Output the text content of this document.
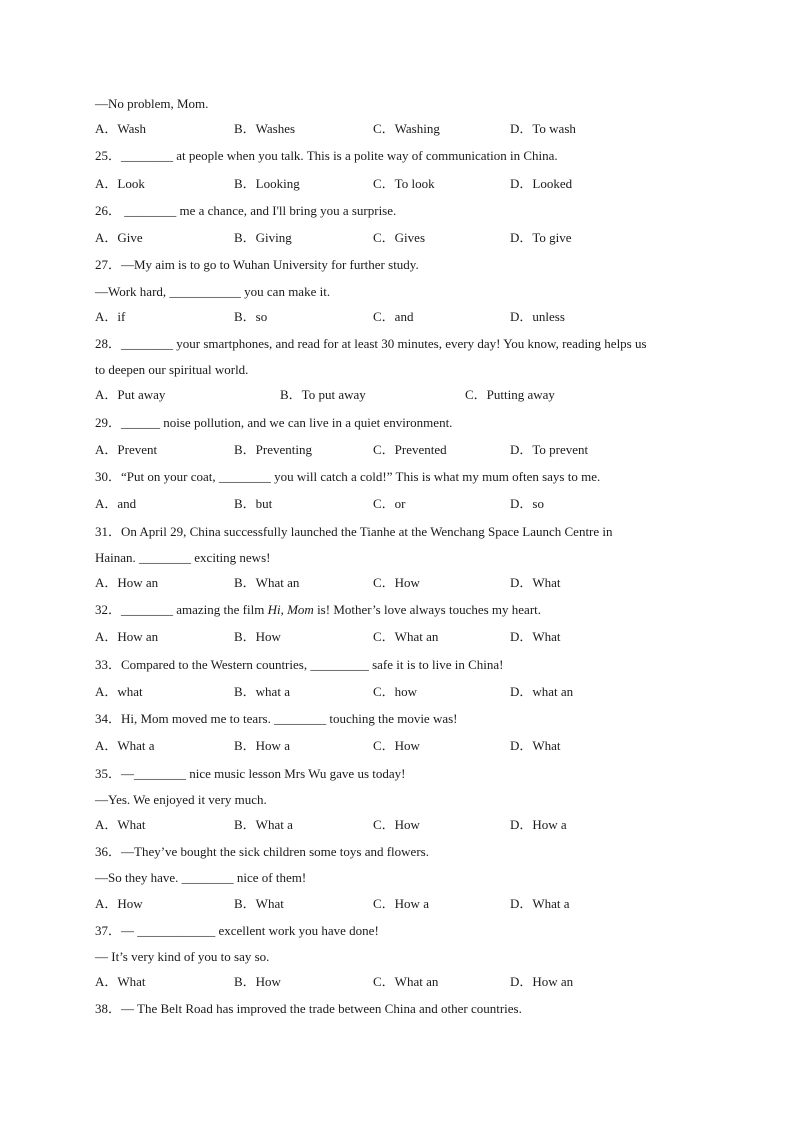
—No problem, Mom.
A．Wash	B．Washes	C．Washing	D．To wash
25．________ at people when you talk. This is a polite way of communication in China.
A．Look	B．Looking	C．To look	D．Looked
26． ________ me a chance, and I'll bring you a surprise.
A．Give	B．Giving	C．Gives	D．To give
27．—My aim is to go to Wuhan University for further study.
—Work hard, ___________ you can make it.
A．if	B．so	C．and	D．unless
28．________ your smartphones, and read for at least 30 minutes, every day! You know, reading helps us
to deepen our spiritual world.
A．Put away	B．To put away	C．Putting away
29．______ noise pollution, and we can live in a quiet environment.
A．Prevent	B．Preventing	C．Prevented	D．To prevent
30．“Put on your coat, ________ you will catch a cold!” This is what my mum often says to me.
A．and	B．but	C．or	D．so
31．On April 29, China successfully launched the Tianhe at the Wenchang Space Launch Centre in
Hainan. ________ exciting news!
A．How an	B．What an	C．How	D．What
32．________ amazing the film Hi, Mom is! Mother’s love always touches my heart.
A．How an	B．How	C．What an	D．What
33．Compared to the Western countries, _________ safe it is to live in China!
A．what	B．what a	C．how	D．what an
34．Hi, Mom moved me to tears. ________ touching the movie was!
A．What a	B．How a	C．How	D．What
35．—________ nice music lesson Mrs Wu gave us today!
—Yes. We enjoyed it very much.
A．What	B．What a	C．How	D．How a
36．—They’ve bought the sick children some toys and flowers.
—So they have. ________ nice of them!
A．How	B．What	C．How a	D．What a
37．— ____________ excellent work you have done!
— It’s very kind of you to say so.
A．What	B．How	C．What an	D．How an
38．— The Belt Road has improved the trade between China and other countries.
